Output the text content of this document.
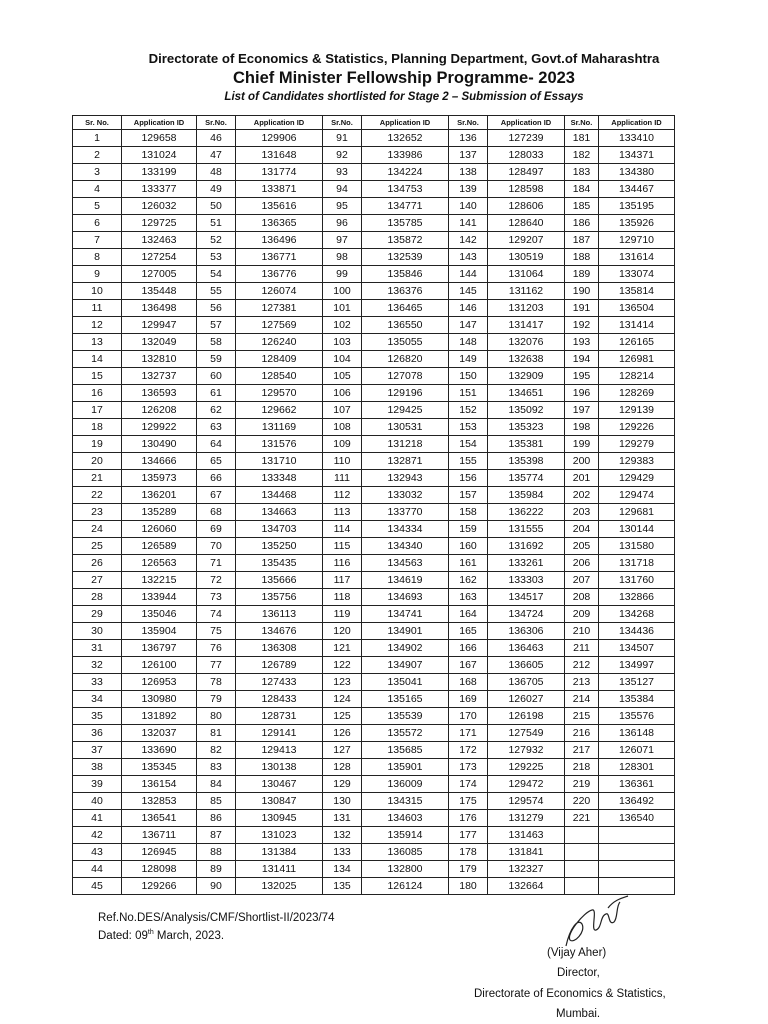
Directorate of Economics & Statistics, Planning Department, Govt.of Maharashtra
Chief Minister Fellowship Programme- 2023
List of Candidates shortlisted for Stage 2 – Submission of Essays
Sr. No.	Application ID	Sr.No.	Application ID	Sr.No.	Application ID	Sr.No.	Application ID	Sr.No.	Application ID
1	129658	46	129906	91	132652	136	127239	181	133410
2	131024	47	131648	92	133986	137	128033	182	134371
3	133199	48	131774	93	134224	138	128497	183	134380
4	133377	49	133871	94	134753	139	128598	184	134467
5	126032	50	135616	95	134771	140	128606	185	135195
6	129725	51	136365	96	135785	141	128640	186	135926
7	132463	52	136496	97	135872	142	129207	187	129710
8	127254	53	136771	98	132539	143	130519	188	131614
9	127005	54	136776	99	135846	144	131064	189	133074
10	135448	55	126074	100	136376	145	131162	190	135814
11	136498	56	127381	101	136465	146	131203	191	136504
12	129947	57	127569	102	136550	147	131417	192	131414
13	132049	58	126240	103	135055	148	132076	193	126165
14	132810	59	128409	104	126820	149	132638	194	126981
15	132737	60	128540	105	127078	150	132909	195	128214
16	136593	61	129570	106	129196	151	134651	196	128269
17	126208	62	129662	107	129425	152	135092	197	129139
18	129922	63	131169	108	130531	153	135323	198	129226
19	130490	64	131576	109	131218	154	135381	199	129279
20	134666	65	131710	110	132871	155	135398	200	129383
21	135973	66	133348	111	132943	156	135774	201	129429
22	136201	67	134468	112	133032	157	135984	202	129474
23	135289	68	134663	113	133770	158	136222	203	129681
24	126060	69	134703	114	134334	159	131555	204	130144
25	126589	70	135250	115	134340	160	131692	205	131580
26	126563	71	135435	116	134563	161	133261	206	131718
27	132215	72	135666	117	134619	162	133303	207	131760
28	133944	73	135756	118	134693	163	134517	208	132866
29	135046	74	136113	119	134741	164	134724	209	134268
30	135904	75	134676	120	134901	165	136306	210	134436
31	136797	76	136308	121	134902	166	136463	211	134507
32	126100	77	126789	122	134907	167	136605	212	134997
33	126953	78	127433	123	135041	168	136705	213	135127
34	130980	79	128433	124	135165	169	126027	214	135384
35	131892	80	128731	125	135539	170	126198	215	135576
36	132037	81	129141	126	135572	171	127549	216	136148
37	133690	82	129413	127	135685	172	127932	217	126071
38	135345	83	130138	128	135901	173	129225	218	128301
39	136154	84	130467	129	136009	174	129472	219	136361
40	132853	85	130847	130	134315	175	129574	220	136492
41	136541	86	130945	131	134603	176	131279	221	136540
42	136711	87	131023	132	135914	177	131463		
43	126945	88	131384	133	136085	178	131841		
44	128098	89	131411	134	132800	179	132327		
45	129266	90	132025	135	126124	180	132664		
Ref.No.DES/Analysis/CMF/Shortlist-II/2023/74
Dated: 09th March, 2023.
(Vijay Aher)
Director,
Directorate of Economics & Statistics,
Mumbai.
